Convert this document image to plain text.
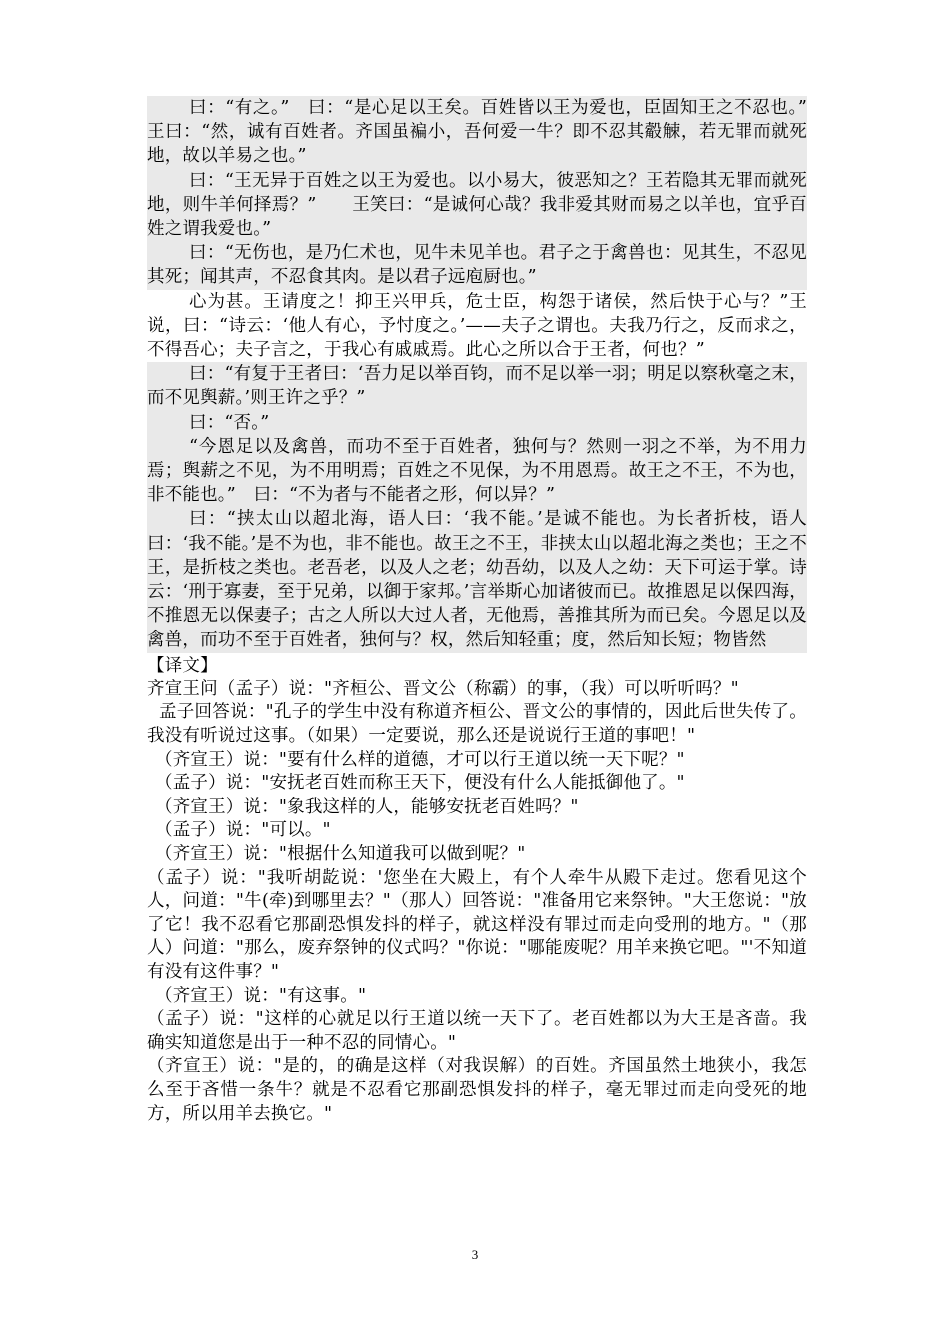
曰：“有之。”　曰：“是心足以王矣。百姓皆以王为爱也，臣固知王之不忍也。”　王曰：“然，诚有百姓者。齐国虽褊小，吾何爱一牛？即不忍其觳觫，若无罪而就死地，故以羊易之也。”

曰：“王无异于百姓之以王为爱也。以小易大，彼恶知之？王若隐其无罪而就死地，则牛羊何择焉？”　　王笑曰：“是诚何心哉？我非爱其财而易之以羊也，宜乎百姓之谓我爱也。”

曰：“无伤也，是乃仁术也，见牛未见羊也。君子之于禽兽也：见其生，不忍见其死；闻其声，不忍食其肉。是以君子远庖厨也。”

心为甚。王请度之！抑王兴甲兵，危士臣，构怨于诸侯，然后快于心与？”王说，曰：“诗云：‘他人有心，予忖度之。’——夫子之谓也。夫我乃行之，反而求之，不得吾心；夫子言之，于我心有戚戚焉。此心之所以合于王者，何也？”

曰：“有复于王者曰：‘吾力足以举百钧，而不足以举一羽；明足以察秋毫之末，而不见舆薪。’则王许之乎？”

曰：“否。”

“今恩足以及禽兽，而功不至于百姓者，独何与？然则一羽之不举，为不用力焉；舆薪之不见，为不用明焉；百姓之不见保，为不用恩焉。故王之不王，不为也，非不能也。”　曰：“不为者与不能者之形，何以异？”

曰：“挟太山以超北海，语人曰：‘我不能。’是诚不能也。为长者折枝，语人曰：‘我不能。’是不为也，非不能也。故王之不王，非挟太山以超北海之类也；王之不王，是折枝之类也。老吾老，以及人之老；幼吾幼，以及人之幼：天下可运于掌。诗云：‘刑于寡妻，至于兄弟，以御于家邦。’言举斯心加诸彼而已。故推恩足以保四海，不推恩无以保妻子；古之人所以大过人者，无他焉，善推其所为而已矣。今恩足以及禽兽，而功不至于百姓者，独何与？权，然后知轻重；度，然后知长短；物皆然

【译文】

齐宣王问（孟子）说："齐桓公、晋文公（称霸）的事，（我）可以听听吗？"

孟子回答说："孔子的学生中没有称道齐桓公、晋文公的事情的，因此后世失传了。我没有听说过这事。（如果）一定要说，那么还是说说行王道的事吧！"

（齐宣王）说："要有什么样的道德，才可以行王道以统一天下呢？"

（孟子）说："安抚老百姓而称王天下，便没有什么人能抵御他了。"

（齐宣王）说："象我这样的人，能够安抚老百姓吗？"

（孟子）说："可以。"

（齐宣王）说："根据什么知道我可以做到呢？"

（孟子）说："我听胡龁说：'您坐在大殿上，有个人牵牛从殿下走过。您看见这个人，问道："牛(牵)到哪里去？"（那人）回答说："准备用它来祭钟。"大王您说："放了它！我不忍看它那副恐惧发抖的样子，就这样没有罪过而走向受刑的地方。"（那人）问道："那么，废弃祭钟的仪式吗？"你说："哪能废呢？用羊来换它吧。"'不知道有没有这件事？"

（齐宣王）说："有这事。"

（孟子）说："这样的心就足以行王道以统一天下了。老百姓都以为大王是吝啬。我确实知道您是出于一种不忍的同情心。"

（齐宣王）说："是的，的确是这样（对我误解）的百姓。齐国虽然土地狭小，我怎么至于吝惜一条牛？就是不忍看它那副恐惧发抖的样子，毫无罪过而走向受死的地方，所以用羊去换它。"

3
